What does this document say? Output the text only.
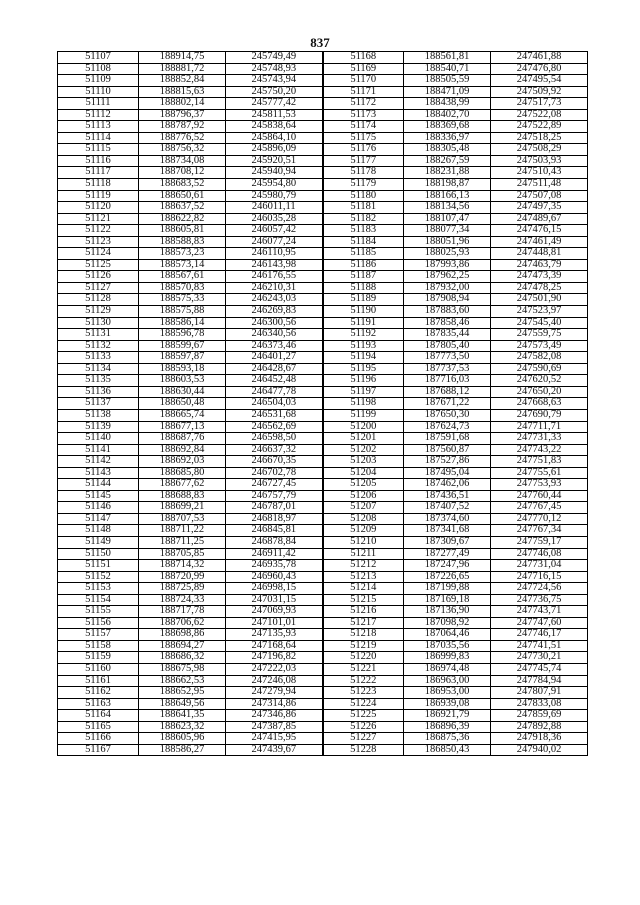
837
51107	188914,75	245749,49	51168	188561,81	247461,88
51108	188881,72	245748,93	51169	188540,71	247476,80
51109	188852,84	245743,94	51170	188505,59	247495,54
51110	188815,63	245750,20	51171	188471,09	247509,92
51111	188802,14	245777,42	51172	188438,99	247517,73
51112	188796,37	245811,53	51173	188402,70	247522,08
51113	188787,92	245838,64	51174	188369,68	247522,89
51114	188776,52	245864,10	51175	188336,97	247518,25
51115	188756,32	245896,09	51176	188305,48	247508,29
51116	188734,08	245920,51	51177	188267,59	247503,93
51117	188708,12	245940,94	51178	188231,88	247510,43
51118	188683,52	245954,80	51179	188198,87	247511,48
51119	188650,61	245980,79	51180	188166,13	247507,08
51120	188637,52	246011,11	51181	188134,56	247497,35
51121	188622,82	246035,28	51182	188107,47	247489,67
51122	188605,81	246057,42	51183	188077,34	247476,15
51123	188588,83	246077,24	51184	188051,96	247461,49
51124	188573,23	246110,95	51185	188025,93	247448,81
51125	188573,14	246143,98	51186	187993,86	247463,79
51126	188567,61	246176,55	51187	187962,25	247473,39
51127	188570,83	246210,31	51188	187932,00	247478,25
51128	188575,33	246243,03	51189	187908,94	247501,90
51129	188575,88	246269,83	51190	187883,60	247523,97
51130	188586,14	246300,56	51191	187858,46	247545,40
51131	188596,78	246340,56	51192	187835,44	247559,75
51132	188599,67	246373,46	51193	187805,40	247573,49
51133	188597,87	246401,27	51194	187773,50	247582,08
51134	188593,18	246428,67	51195	187737,53	247590,69
51135	188603,53	246452,48	51196	187716,03	247620,52
51136	188630,44	246477,78	51197	187688,12	247650,20
51137	188650,48	246504,03	51198	187671,22	247668,63
51138	188665,74	246531,68	51199	187650,30	247690,79
51139	188677,13	246562,69	51200	187624,73	247711,71
51140	188687,76	246598,50	51201	187591,68	247731,33
51141	188692,84	246637,32	51202	187560,87	247743,22
51142	188692,03	246670,35	51203	187527,86	247751,83
51143	188685,80	246702,78	51204	187495,04	247755,61
51144	188677,62	246727,45	51205	187462,06	247753,93
51145	188688,83	246757,79	51206	187436,51	247760,44
51146	188699,21	246787,01	51207	187407,52	247767,45
51147	188707,53	246818,97	51208	187374,60	247770,12
51148	188711,22	246845,81	51209	187341,68	247767,34
51149	188711,25	246878,84	51210	187309,67	247759,17
51150	188705,85	246911,42	51211	187277,49	247746,08
51151	188714,32	246935,78	51212	187247,96	247731,04
51152	188720,99	246960,43	51213	187226,65	247716,15
51153	188725,89	246998,15	51214	187199,88	247724,56
51154	188724,33	247031,15	51215	187169,18	247736,75
51155	188717,78	247069,93	51216	187136,90	247743,71
51156	188706,62	247101,01	51217	187098,92	247747,60
51157	188698,86	247135,93	51218	187064,46	247746,17
51158	188694,27	247168,64	51219	187035,56	247741,51
51159	188686,32	247196,82	51220	186999,83	247730,21
51160	188675,98	247222,03	51221	186974,48	247745,74
51161	188662,53	247246,08	51222	186963,00	247784,94
51162	188652,95	247279,94	51223	186953,00	247807,91
51163	188649,56	247314,86	51224	186939,08	247833,08
51164	188641,35	247346,86	51225	186921,79	247859,69
51165	188623,32	247387,85	51226	186896,39	247892,88
51166	188605,96	247415,95	51227	186875,36	247918,36
51167	188586,27	247439,67	51228	186850,43	247940,02
